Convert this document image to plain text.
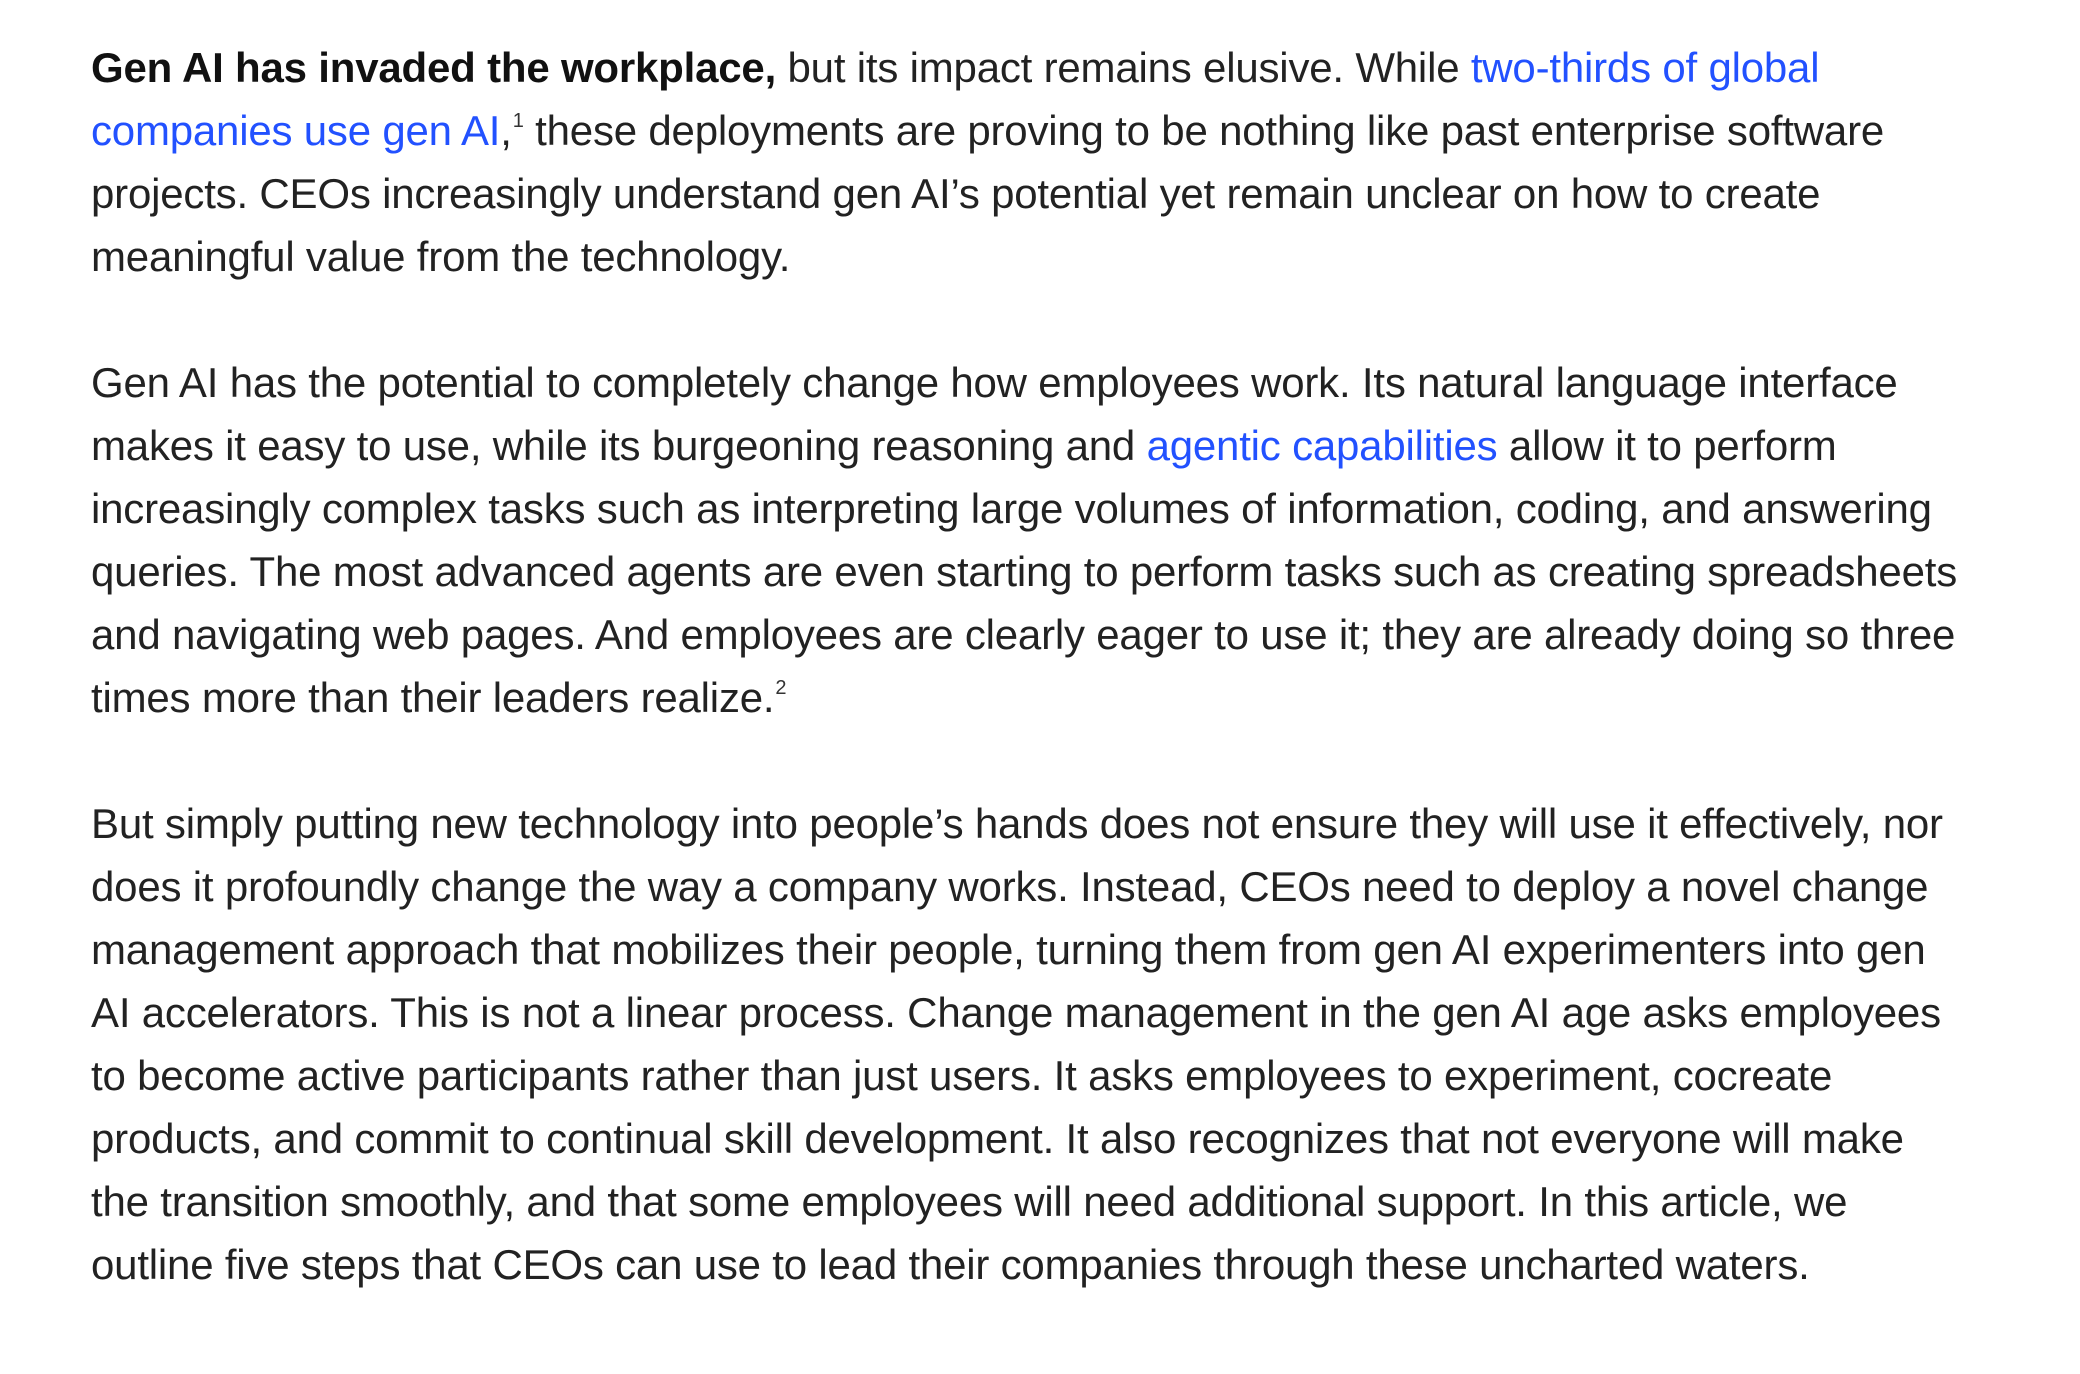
Gen AI has invaded the workplace, but its impact remains elusive. While two-thirds of global companies use gen AI,$^1$ these deployments are proving to be nothing like past enterprise software projects. CEOs increasingly understand gen AI’s potential yet remain unclear on how to create meaningful value from the technology.

Gen AI has the potential to completely change how employees work. Its natural language interface makes it easy to use, while its burgeoning reasoning and agentic capabilities allow it to perform increasingly complex tasks such as interpreting large volumes of information, coding, and answering queries. The most advanced agents are even starting to perform tasks such as creating spreadsheets and navigating web pages. And employees are clearly eager to use it; they are already doing so three times more than their leaders realize.$^2$

But simply putting new technology into people’s hands does not ensure they will use it effectively, nor does it profoundly change the way a company works. Instead, CEOs need to deploy a novel change management approach that mobilizes their people, turning them from gen AI experimenters into gen AI accelerators. This is not a linear process. Change management in the gen AI age asks employees to become active participants rather than just users. It asks employees to experiment, cocreate products, and commit to continual skill development. It also recognizes that not everyone will make the transition smoothly, and that some employees will need additional support. In this article, we outline five steps that CEOs can use to lead their companies through these uncharted waters.
